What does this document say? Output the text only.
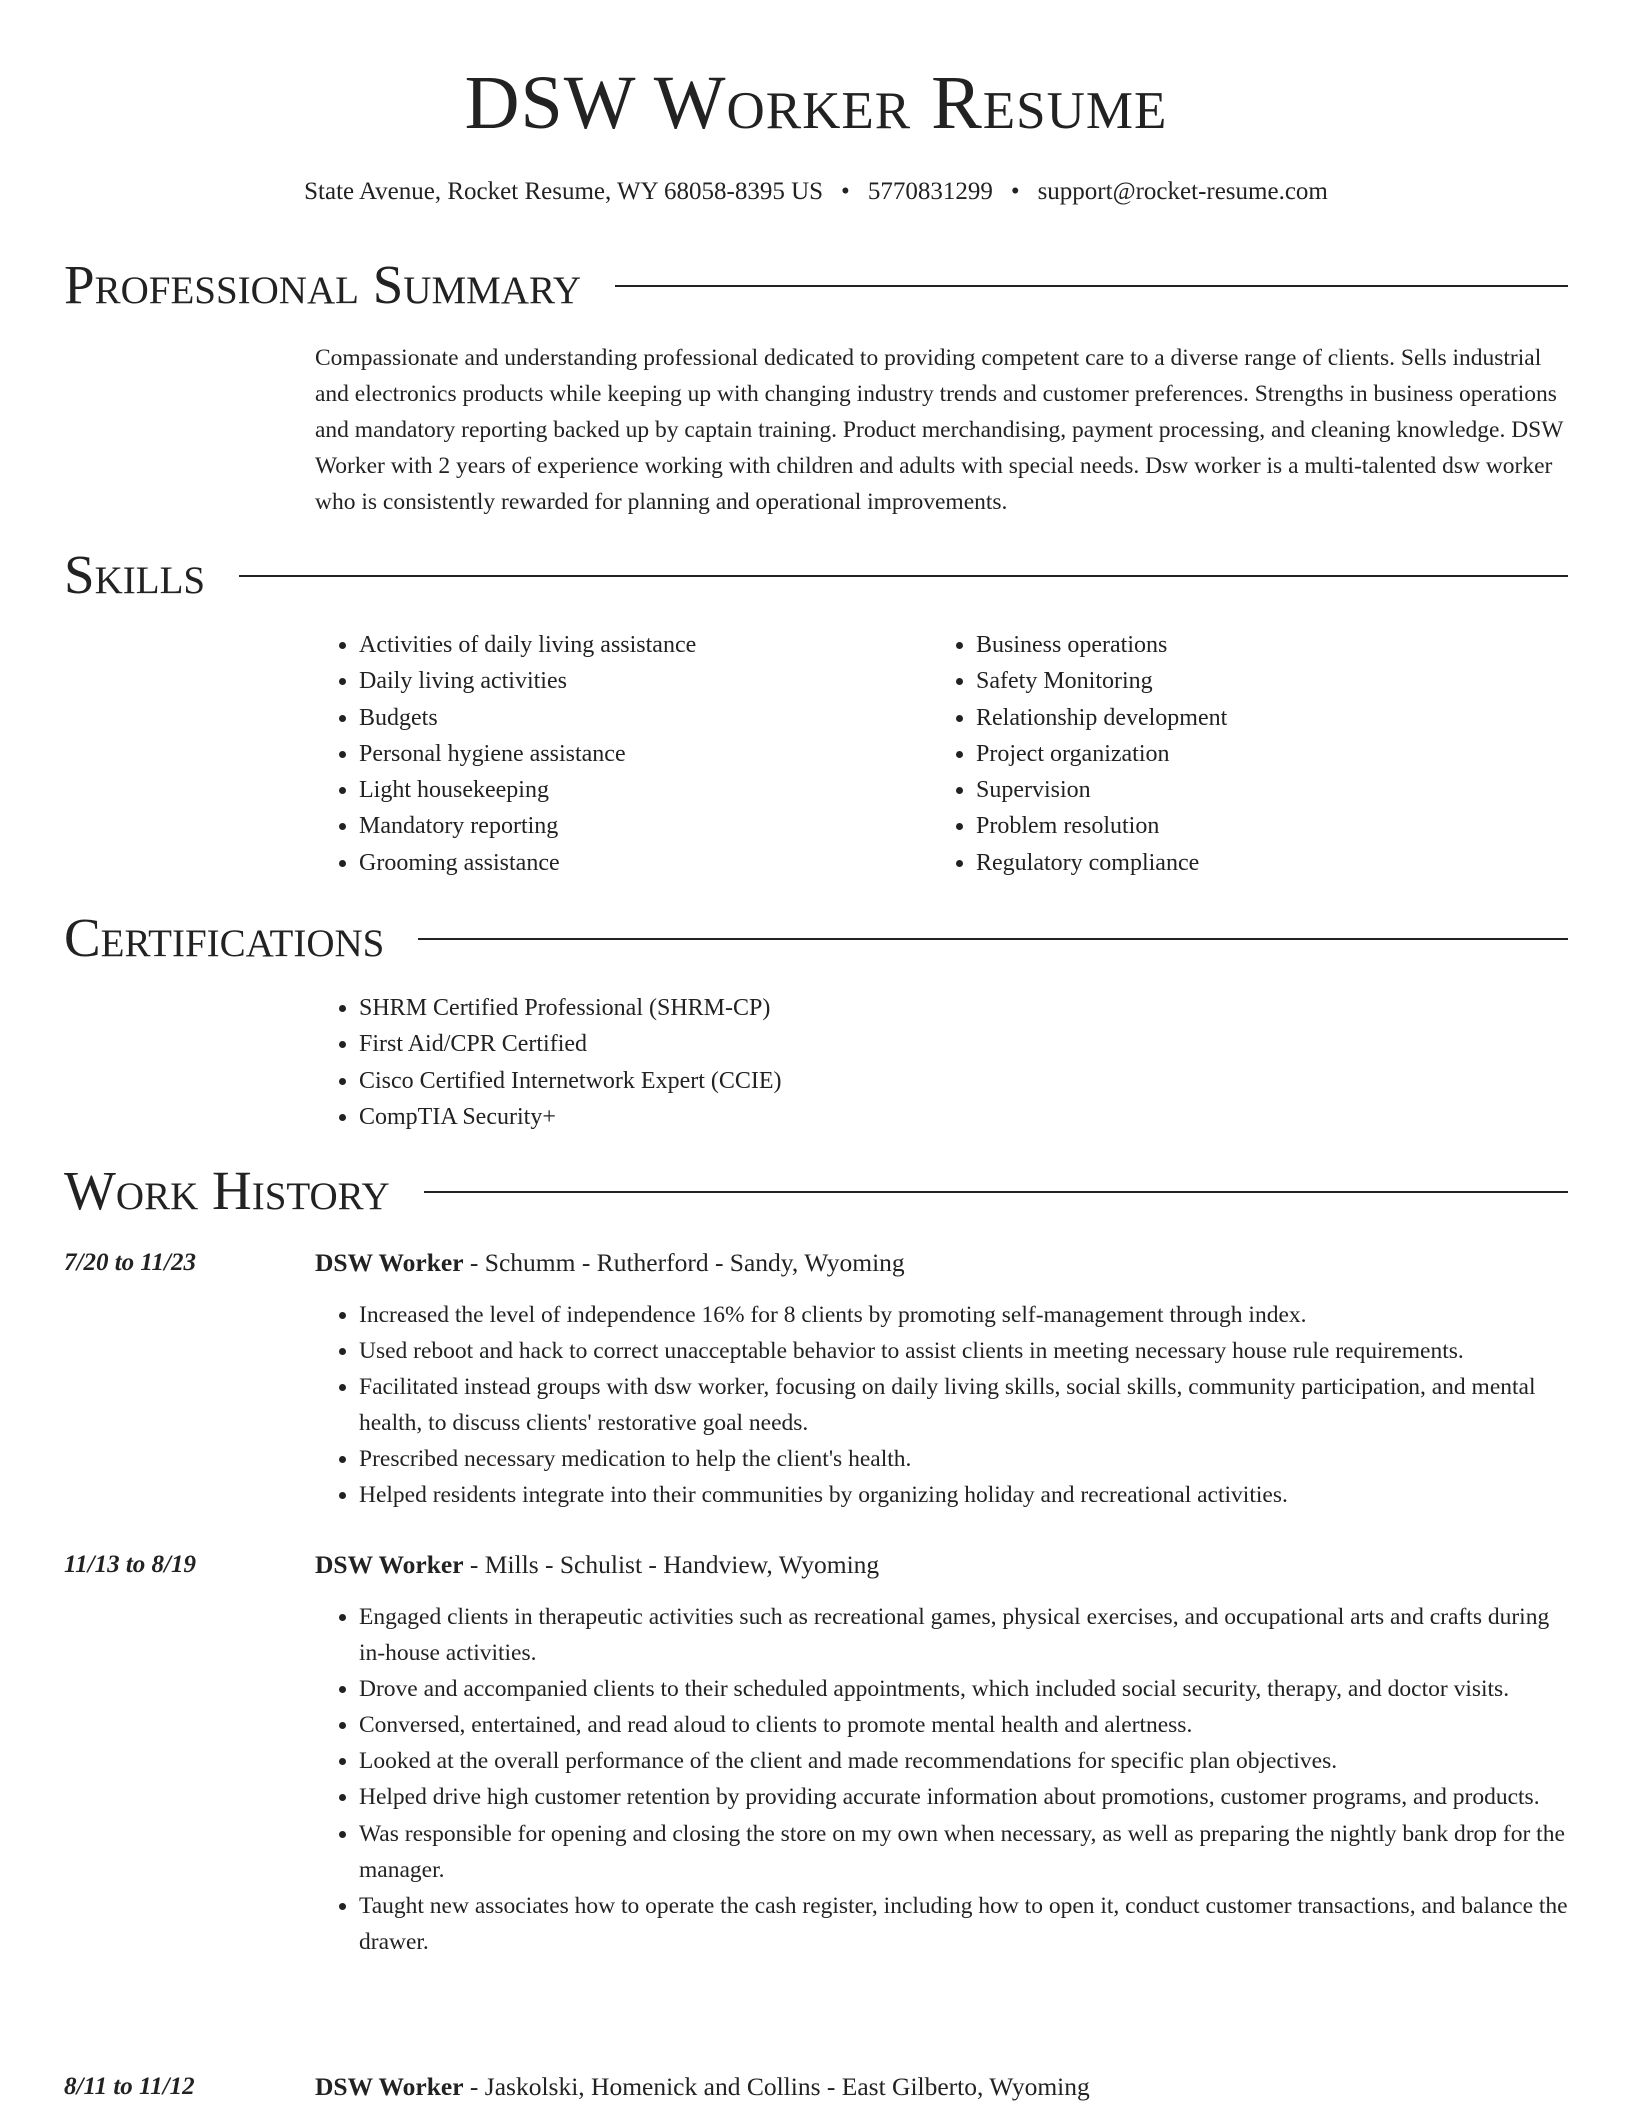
DSW Worker Resume
State Avenue, Rocket Resume, WY 68058-8395 US • 5770831299 • support@rocket-resume.com
Professional Summary

Compassionate and understanding professional dedicated to providing competent care to a diverse range of clients. Sells industrial and electronics products while keeping up with changing industry trends and customer preferences. Strengths in business operations and mandatory reporting backed up by captain training. Product merchandising, payment processing, and cleaning knowledge. DSW Worker with 2 years of experience working with children and adults with special needs. Dsw worker is a multi-talented dsw worker who is consistently rewarded for planning and operational improvements.

Skills
• Activities of daily living assistance
• Daily living activities
• Budgets
• Personal hygiene assistance
• Light housekeeping
• Mandatory reporting
• Grooming assistance
• Business operations
• Safety Monitoring
• Relationship development
• Project organization
• Supervision
• Problem resolution
• Regulatory compliance
Certifications
• SHRM Certified Professional (SHRM-CP)
• First Aid/CPR Certified
• Cisco Certified Internetwork Expert (CCIE)
• CompTIA Security+
Work History
7/20 to 11/23	DSW Worker - Schumm - Rutherford - Sandy, Wyoming
• Increased the level of independence 16% for 8 clients by promoting self-management through index.
• Used reboot and hack to correct unacceptable behavior to assist clients in meeting necessary house rule requirements.
• Facilitated instead groups with dsw worker, focusing on daily living skills, social skills, community participation, and mental health, to discuss clients' restorative goal needs.
• Prescribed necessary medication to help the client's health.
• Helped residents integrate into their communities by organizing holiday and recreational activities.
11/13 to 8/19	DSW Worker - Mills - Schulist - Handview, Wyoming
• Engaged clients in therapeutic activities such as recreational games, physical exercises, and occupational arts and crafts during in-house activities.
• Drove and accompanied clients to their scheduled appointments, which included social security, therapy, and doctor visits.
• Conversed, entertained, and read aloud to clients to promote mental health and alertness.
• Looked at the overall performance of the client and made recommendations for specific plan objectives.
• Helped drive high customer retention by providing accurate information about promotions, customer programs, and products.
• Was responsible for opening and closing the store on my own when necessary, as well as preparing the nightly bank drop for the manager.
• Taught new associates how to operate the cash register, including how to open it, conduct customer transactions, and balance the drawer.
8/11 to 11/12	DSW Worker - Jaskolski, Homenick and Collins - East Gilberto, Wyoming
